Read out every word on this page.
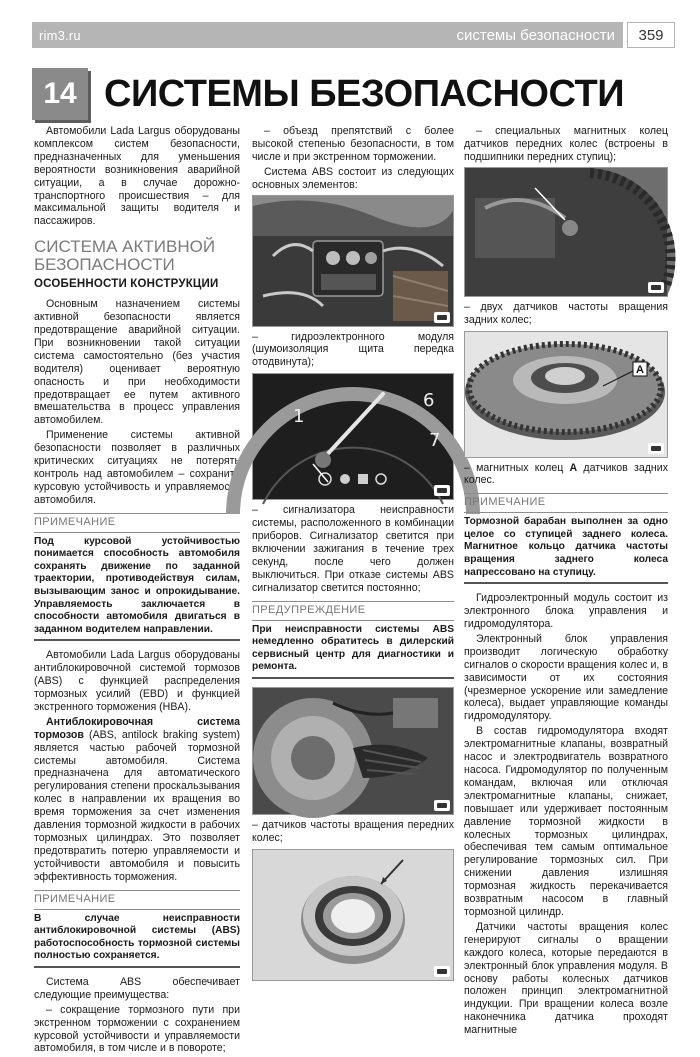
rim3.ru	системы безопасности	359
14 СИСТЕМЫ БЕЗОПАСНОСТИ

Автомобили Lada Largus оборудованы комплексом систем безопасности, предназначенных для уменьшения вероятности возникновения аварийной ситуации, а в случае дорожно-транспортного происшествия – для максимальной защиты водителя и пассажиров.

СИСТЕМА АКТИВНОЙ БЕЗОПАСНОСТИ
ОСОБЕННОСТИ КОНСТРУКЦИИ

Основным назначением системы активной безопасности является предотвращение аварийной ситуации. При возникновении такой ситуации система самостоятельно (без участия водителя) оценивает вероятную опасность и при необходимости предотвращает ее путем активного вмешательства в процесс управления автомобилем.

Применение системы активной безопасности позволяет в различных критических ситуациях не потерять контроль над автомобилем – сохранить курсовую устойчивость и управляемость автомобиля.

ПРИМЕЧАНИЕ
Под курсовой устойчивостью понимается способность автомобиля сохранять движение по заданной траектории, противодействуя силам, вызывающим занос и опрокидывание. Управляемость заключается в способности автомобиля двигаться в заданном водителем направлении.

Автомобили Lada Largus оборудованы антиблокировочной системой тормозов (ABS) с функцией распределения тормозных усилий (EBD) и функцией экстренного торможения (HBA).

Антиблокировочная система тормозов (ABS, antilock braking system) является частью рабочей тормозной системы автомобиля. Система предназначена для автоматического регулирования степени проскальзывания колес в направлении их вращения во время торможения за счет изменения давления тормозной жидкости в рабочих тормозных цилиндрах. Это позволяет предотвратить потерю управляемости и устойчивости автомобиля и повысить эффективность торможения.

ПРИМЕЧАНИЕ
В случае неисправности антиблокировочной системы (ABS) работоспособность тормозной системы полностью сохраняется.

Система ABS обеспечивает следующие преимущества:

– сокращение тормозного пути при экстренном торможении с сохранением курсовой устойчивости и управляемости автомобиля, в том числе и в повороте;

– объезд препятствий с более высокой степенью безопасности, в том числе и при экстренном торможении.

Система ABS состоит из следующих основных элементов:

– гидроэлектронного модуля (шумоизоляция щита передка отодвинута);
1
6
7
– сигнализатора неисправности системы, расположенного в комбинации приборов. Сигнализатор светится при включении зажигания в течение трех секунд, после чего должен выключиться. При отказе системы ABS сигнализатор светится постоянно;
ПРЕДУПРЕЖДЕНИЕ
При неисправности системы ABS немедленно обратитесь в дилерский сервисный центр для диагностики и ремонта.
– датчиков частоты вращения передних колес;

– специальных магнитных колец датчиков передних колес (встроены в подшипники передних ступиц);

– двух датчиков частоты вращения задних колес;
A
– магнитных колец A датчиков задних колес.
ПРИМЕЧАНИЕ
Тормозной барабан выполнен за одно целое со ступицей заднего колеса. Магнитное кольцо датчика частоты вращения заднего колеса напрессовано на ступицу.

Гидроэлектронный модуль состоит из электронного блока управления и гидромодулятора.

Электронный блок управления производит логическую обработку сигналов о скорости вращения колес и, в зависимости от их состояния (чрезмерное ускорение или замедление колеса), выдает управляющие команды гидромодулятору.

В состав гидромодулятора входят электромагнитные клапаны, возвратный насос и электродвигатель возвратного насоса. Гидромодулятор по полученным командам, включая или отключая электромагнитные клапаны, снижает, повышает или удерживает постоянным давление тормозной жидкости в колесных тормозных цилиндрах, обеспечивая тем самым оптимальное регулирование тормозных сил. При снижении давления излишняя тормозная жидкость перекачивается возвратным насосом в главный тормозной цилиндр.

Датчики частоты вращения колес генерируют сигналы о вращении каждого колеса, которые передаются в электронный блок управления модуля. В основу работы колесных датчиков положен принцип электромагнитной индукции. При вращении колеса возле наконечника датчика проходят магнитные
